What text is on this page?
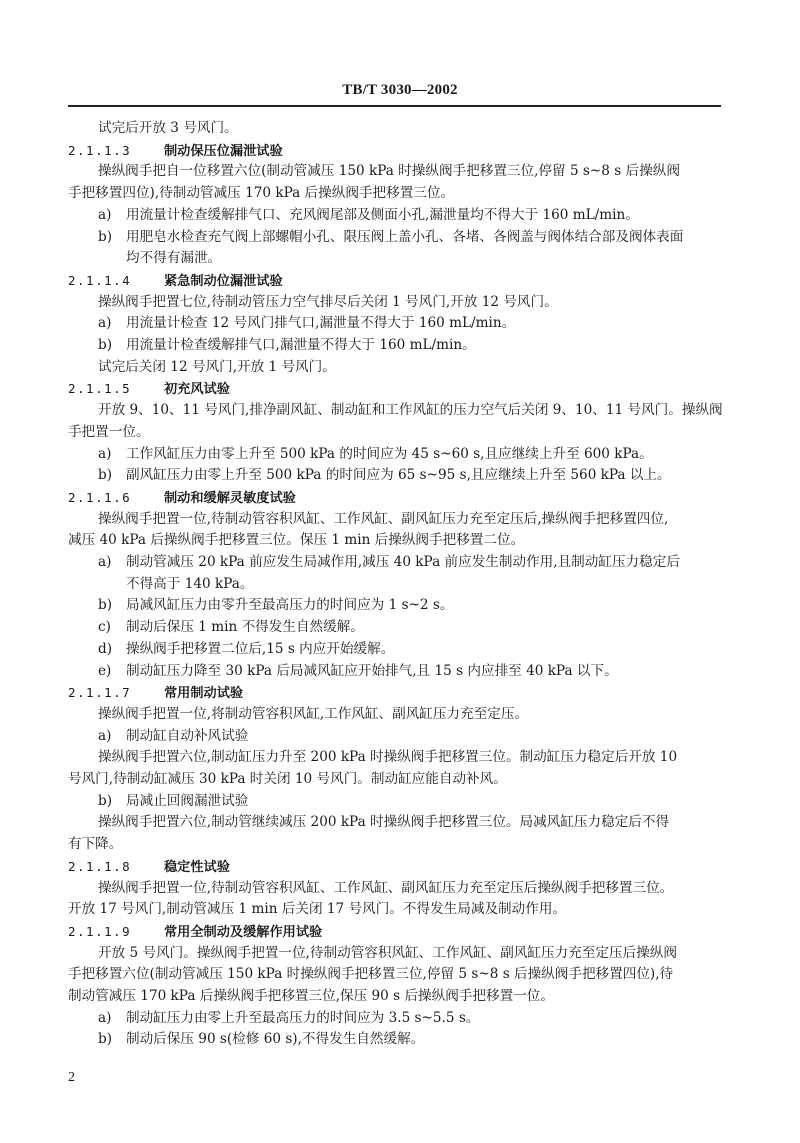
TB/T 3030—2002
试完后开放 3 号风门。
2.1.1.3 制动保压位漏泄试验
操纵阀手把自一位移置六位(制动管减压 150 kPa 时操纵阀手把移置三位,停留 5 s~8 s 后操纵阀
手把移置四位),待制动管减压 170 kPa 后操纵阀手把移置三位。
a) 用流量计检查缓解排气口、充风阀尾部及侧面小孔,漏泄量均不得大于 160 mL/min。
b) 用肥皂水检查充气阀上部螺帽小孔、限压阀上盖小孔、各堵、各阀盖与阀体结合部及阀体表面
均不得有漏泄。
2.1.1.4 紧急制动位漏泄试验
操纵阀手把置七位,待制动管压力空气排尽后关闭 1 号风门,开放 12 号风门。
a) 用流量计检查 12 号风门排气口,漏泄量不得大于 160 mL/min。
b) 用流量计检查缓解排气口,漏泄量不得大于 160 mL/min。
试完后关闭 12 号风门,开放 1 号风门。
2.1.1.5 初充风试验
开放 9、10、11 号风门,排净副风缸、制动缸和工作风缸的压力空气后关闭 9、10、11 号风门。操纵阀
手把置一位。
a) 工作风缸压力由零上升至 500 kPa 的时间应为 45 s~60 s,且应继续上升至 600 kPa。
b) 副风缸压力由零上升至 500 kPa 的时间应为 65 s~95 s,且应继续上升至 560 kPa 以上。
2.1.1.6 制动和缓解灵敏度试验
操纵阀手把置一位,待制动管容积风缸、工作风缸、副风缸压力充至定压后,操纵阀手把移置四位,
减压 40 kPa 后操纵阀手把移置三位。保压 1 min 后操纵阀手把移置二位。
a) 制动管减压 20 kPa 前应发生局减作用,减压 40 kPa 前应发生制动作用,且制动缸压力稳定后
不得高于 140 kPa。
b) 局减风缸压力由零升至最高压力的时间应为 1 s~2 s。
c) 制动后保压 1 min 不得发生自然缓解。
d) 操纵阀手把移置二位后,15 s 内应开始缓解。
e) 制动缸压力降至 30 kPa 后局减风缸应开始排气,且 15 s 内应排至 40 kPa 以下。
2.1.1.7 常用制动试验
操纵阀手把置一位,将制动管容积风缸,工作风缸、副风缸压力充至定压。
a) 制动缸自动补风试验
操纵阀手把置六位,制动缸压力升至 200 kPa 时操纵阀手把移置三位。制动缸压力稳定后开放 10
号风门,待制动缸减压 30 kPa 时关闭 10 号风门。制动缸应能自动补风。
b) 局减止回阀漏泄试验
操纵阀手把置六位,制动管继续减压 200 kPa 时操纵阀手把移置三位。局减风缸压力稳定后不得
有下降。
2.1.1.8 稳定性试验
操纵阀手把置一位,待制动管容积风缸、工作风缸、副风缸压力充至定压后操纵阀手把移置三位。
开放 17 号风门,制动管减压 1 min 后关闭 17 号风门。不得发生局减及制动作用。
2.1.1.9 常用全制动及缓解作用试验
开放 5 号风门。操纵阀手把置一位,待制动管容积风缸、工作风缸、副风缸压力充至定压后操纵阀
手把移置六位(制动管减压 150 kPa 时操纵阀手把移置三位,停留 5 s~8 s 后操纵阀手把移置四位),待
制动管减压 170 kPa 后操纵阀手把移置三位,保压 90 s 后操纵阀手把移置一位。
a) 制动缸压力由零上升至最高压力的时间应为 3.5 s~5.5 s。
b) 制动后保压 90 s(检修 60 s),不得发生自然缓解。
2
